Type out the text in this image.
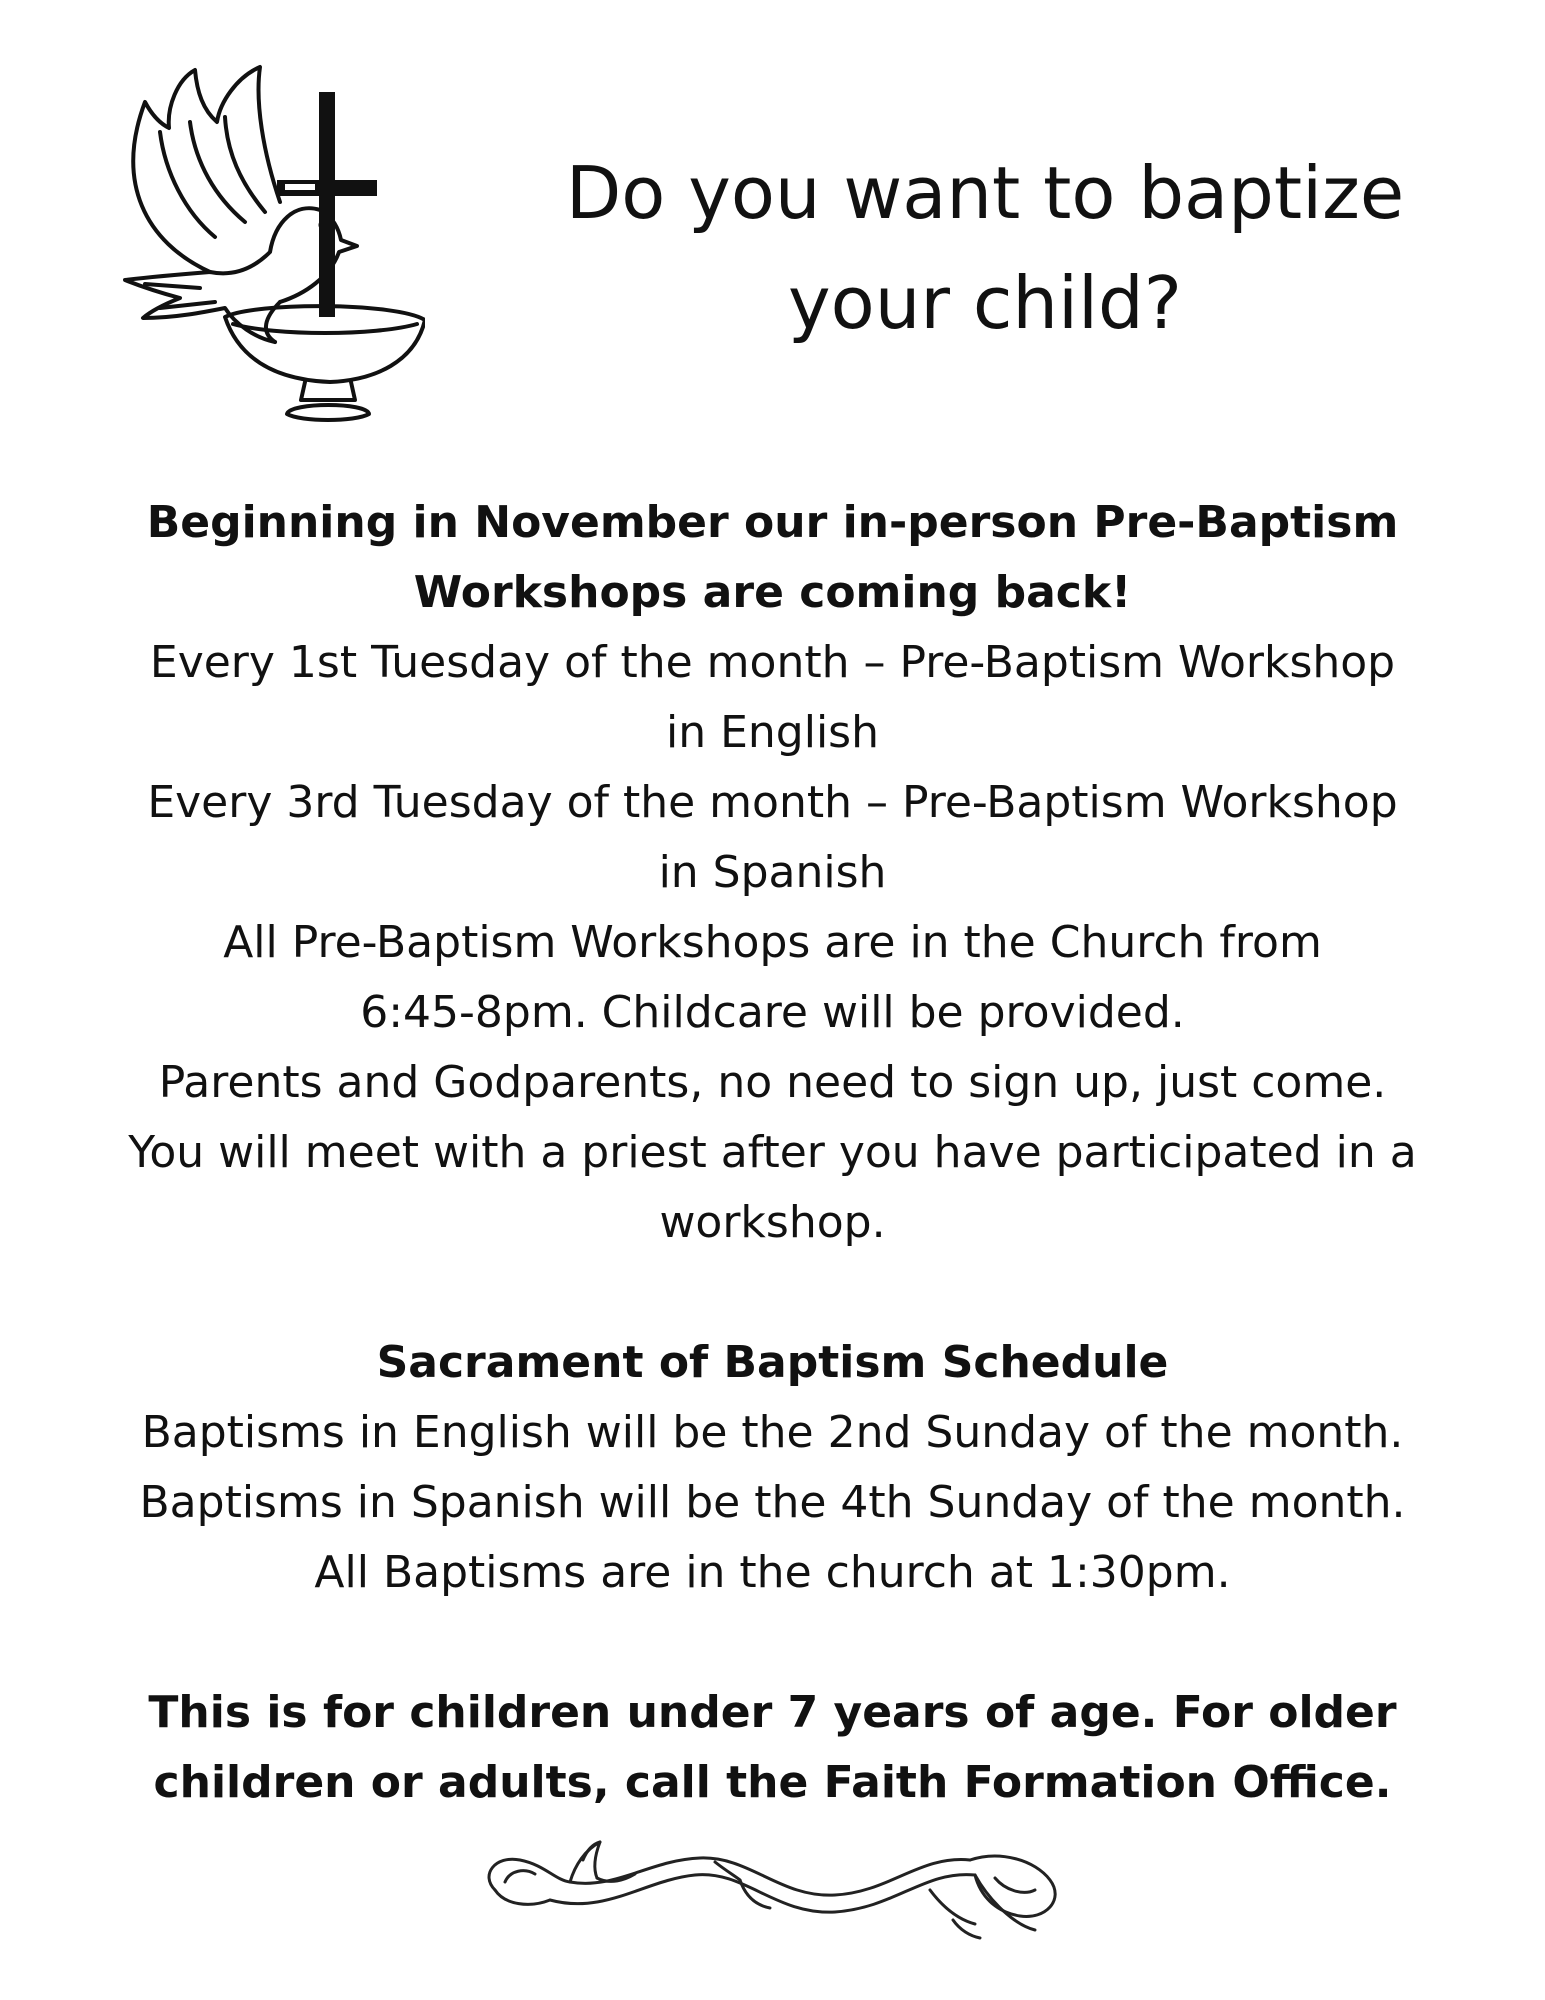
Do you want to baptize
your child?
Beginning in November our in-person Pre-Baptism
Workshops are coming back!
Every 1st Tuesday of the month – Pre-Baptism Workshop
in English
Every 3rd Tuesday of the month – Pre-Baptism Workshop
in Spanish
All Pre-Baptism Workshops are in the Church from
6:45-8pm. Childcare will be provided.
Parents and Godparents, no need to sign up, just come.
You will meet with a priest after you have participated in a
workshop.
Sacrament of Baptism Schedule
Baptisms in English will be the 2nd Sunday of the month.
Baptisms in Spanish will be the 4th Sunday of the month.
All Baptisms are in the church at 1:30pm.
This is for children under 7 years of age. For older
children or adults, call the Faith Formation Office.
